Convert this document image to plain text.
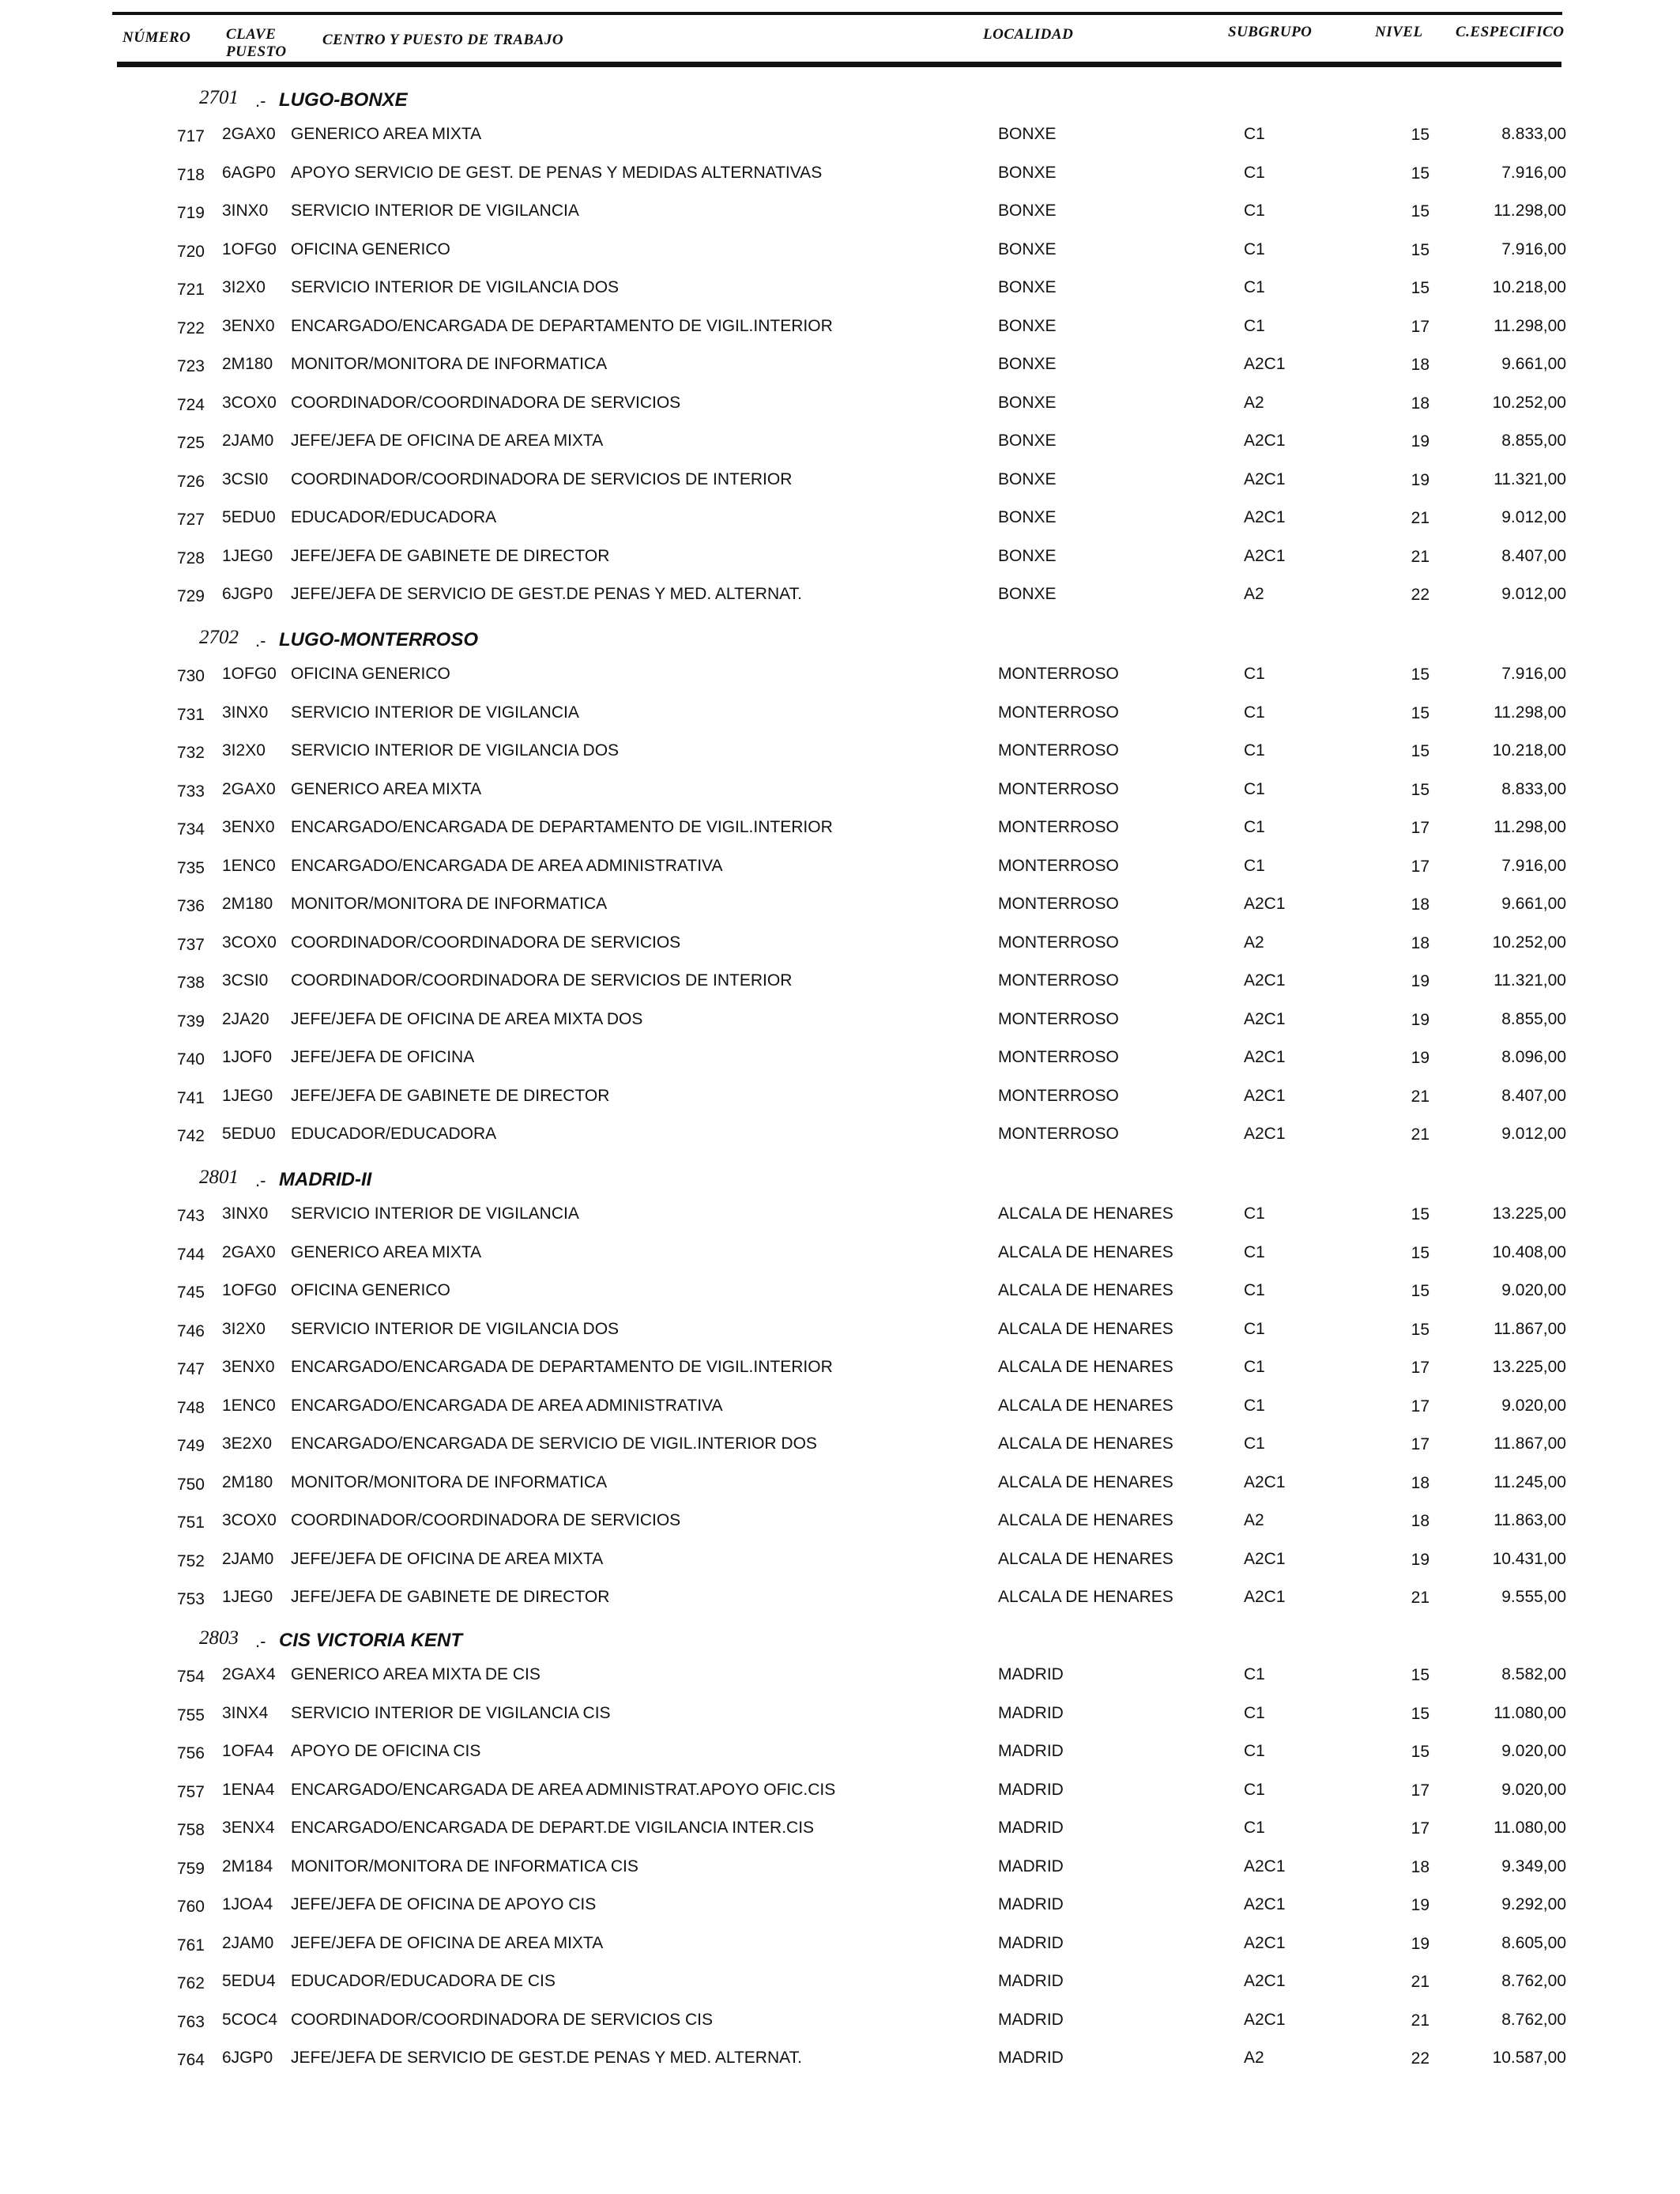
NÚMERO CLAVE
PUESTO
CENTRO Y PUESTO DE TRABAJO	LOCALIDAD	SUBGRUPO	NIVEL C.ESPECIFICO
2701 .- LUGO-BONXE
717 2GAX0 GENERICO AREA MIXTA	BONXE	C1	15	8.833,00
718 6AGP0 APOYO SERVICIO DE GEST. DE PENAS Y MEDIDAS ALTERNATIVAS	BONXE	C1	15	7.916,00
719 3INX0 SERVICIO INTERIOR DE VIGILANCIA	BONXE	C1	15	11.298,00
720 1OFG0 OFICINA GENERICO	BONXE	C1	15	7.916,00
721 3I2X0 SERVICIO INTERIOR DE VIGILANCIA DOS	BONXE	C1	15	10.218,00
722 3ENX0 ENCARGADO/ENCARGADA DE DEPARTAMENTO DE VIGIL.INTERIOR	BONXE	C1	17	11.298,00
723 2M180 MONITOR/MONITORA DE INFORMATICA	BONXE	A2C1	18	9.661,00
724 3COX0 COORDINADOR/COORDINADORA DE SERVICIOS	BONXE	A2	18	10.252,00
725 2JAM0 JEFE/JEFA DE OFICINA DE AREA MIXTA	BONXE	A2C1	19	8.855,00
726 3CSI0 COORDINADOR/COORDINADORA DE SERVICIOS DE INTERIOR	BONXE	A2C1	19	11.321,00
727 5EDU0 EDUCADOR/EDUCADORA	BONXE	A2C1	21	9.012,00
728 1JEG0 JEFE/JEFA DE GABINETE DE DIRECTOR	BONXE	A2C1	21	8.407,00
729 6JGP0 JEFE/JEFA DE SERVICIO DE GEST.DE PENAS Y MED. ALTERNAT.	BONXE	A2	22	9.012,00
2702 .- LUGO-MONTERROSO
730 1OFG0 OFICINA GENERICO	MONTERROSO	C1	15	7.916,00
731 3INX0 SERVICIO INTERIOR DE VIGILANCIA	MONTERROSO	C1	15	11.298,00
732 3I2X0 SERVICIO INTERIOR DE VIGILANCIA DOS	MONTERROSO	C1	15	10.218,00
733 2GAX0 GENERICO AREA MIXTA	MONTERROSO	C1	15	8.833,00
734 3ENX0 ENCARGADO/ENCARGADA DE DEPARTAMENTO DE VIGIL.INTERIOR	MONTERROSO	C1	17	11.298,00
735 1ENC0 ENCARGADO/ENCARGADA DE AREA ADMINISTRATIVA	MONTERROSO	C1	17	7.916,00
736 2M180 MONITOR/MONITORA DE INFORMATICA	MONTERROSO	A2C1	18	9.661,00
737 3COX0 COORDINADOR/COORDINADORA DE SERVICIOS	MONTERROSO	A2	18	10.252,00
738 3CSI0 COORDINADOR/COORDINADORA DE SERVICIOS DE INTERIOR	MONTERROSO	A2C1	19	11.321,00
739 2JA20 JEFE/JEFA DE OFICINA DE AREA MIXTA DOS	MONTERROSO	A2C1	19	8.855,00
740 1JOF0 JEFE/JEFA DE OFICINA	MONTERROSO	A2C1	19	8.096,00
741 1JEG0 JEFE/JEFA DE GABINETE DE DIRECTOR	MONTERROSO	A2C1	21	8.407,00
742 5EDU0 EDUCADOR/EDUCADORA	MONTERROSO	A2C1	21	9.012,00
2801 .- MADRID-II
743 3INX0 SERVICIO INTERIOR DE VIGILANCIA	ALCALA DE HENARES	C1	15	13.225,00
744 2GAX0 GENERICO AREA MIXTA	ALCALA DE HENARES	C1	15	10.408,00
745 1OFG0 OFICINA GENERICO	ALCALA DE HENARES	C1	15	9.020,00
746 3I2X0 SERVICIO INTERIOR DE VIGILANCIA DOS	ALCALA DE HENARES	C1	15	11.867,00
747 3ENX0 ENCARGADO/ENCARGADA DE DEPARTAMENTO DE VIGIL.INTERIOR	ALCALA DE HENARES	C1	17	13.225,00
748 1ENC0 ENCARGADO/ENCARGADA DE AREA ADMINISTRATIVA	ALCALA DE HENARES	C1	17	9.020,00
749 3E2X0 ENCARGADO/ENCARGADA DE SERVICIO DE VIGIL.INTERIOR DOS	ALCALA DE HENARES	C1	17	11.867,00
750 2M180 MONITOR/MONITORA DE INFORMATICA	ALCALA DE HENARES	A2C1	18	11.245,00
751 3COX0 COORDINADOR/COORDINADORA DE SERVICIOS	ALCALA DE HENARES	A2	18	11.863,00
752 2JAM0 JEFE/JEFA DE OFICINA DE AREA MIXTA	ALCALA DE HENARES	A2C1	19	10.431,00
753 1JEG0 JEFE/JEFA DE GABINETE DE DIRECTOR	ALCALA DE HENARES	A2C1	21	9.555,00
2803 .- CIS VICTORIA KENT
754 2GAX4 GENERICO AREA MIXTA DE CIS	MADRID	C1	15	8.582,00
755 3INX4 SERVICIO INTERIOR DE VIGILANCIA CIS	MADRID	C1	15	11.080,00
756 1OFA4 APOYO DE OFICINA CIS	MADRID	C1	15	9.020,00
757 1ENA4 ENCARGADO/ENCARGADA DE AREA ADMINISTRAT.APOYO OFIC.CIS	MADRID	C1	17	9.020,00
758 3ENX4 ENCARGADO/ENCARGADA DE DEPART.DE VIGILANCIA INTER.CIS	MADRID	C1	17	11.080,00
759 2M184 MONITOR/MONITORA DE INFORMATICA CIS	MADRID	A2C1	18	9.349,00
760 1JOA4 JEFE/JEFA DE OFICINA DE APOYO CIS	MADRID	A2C1	19	9.292,00
761 2JAM0 JEFE/JEFA DE OFICINA DE AREA MIXTA	MADRID	A2C1	19	8.605,00
762 5EDU4 EDUCADOR/EDUCADORA DE CIS	MADRID	A2C1	21	8.762,00
763 5COC4 COORDINADOR/COORDINADORA DE SERVICIOS CIS	MADRID	A2C1	21	8.762,00
764 6JGP0 JEFE/JEFA DE SERVICIO DE GEST.DE PENAS Y MED. ALTERNAT.	MADRID	A2	22	10.587,00
